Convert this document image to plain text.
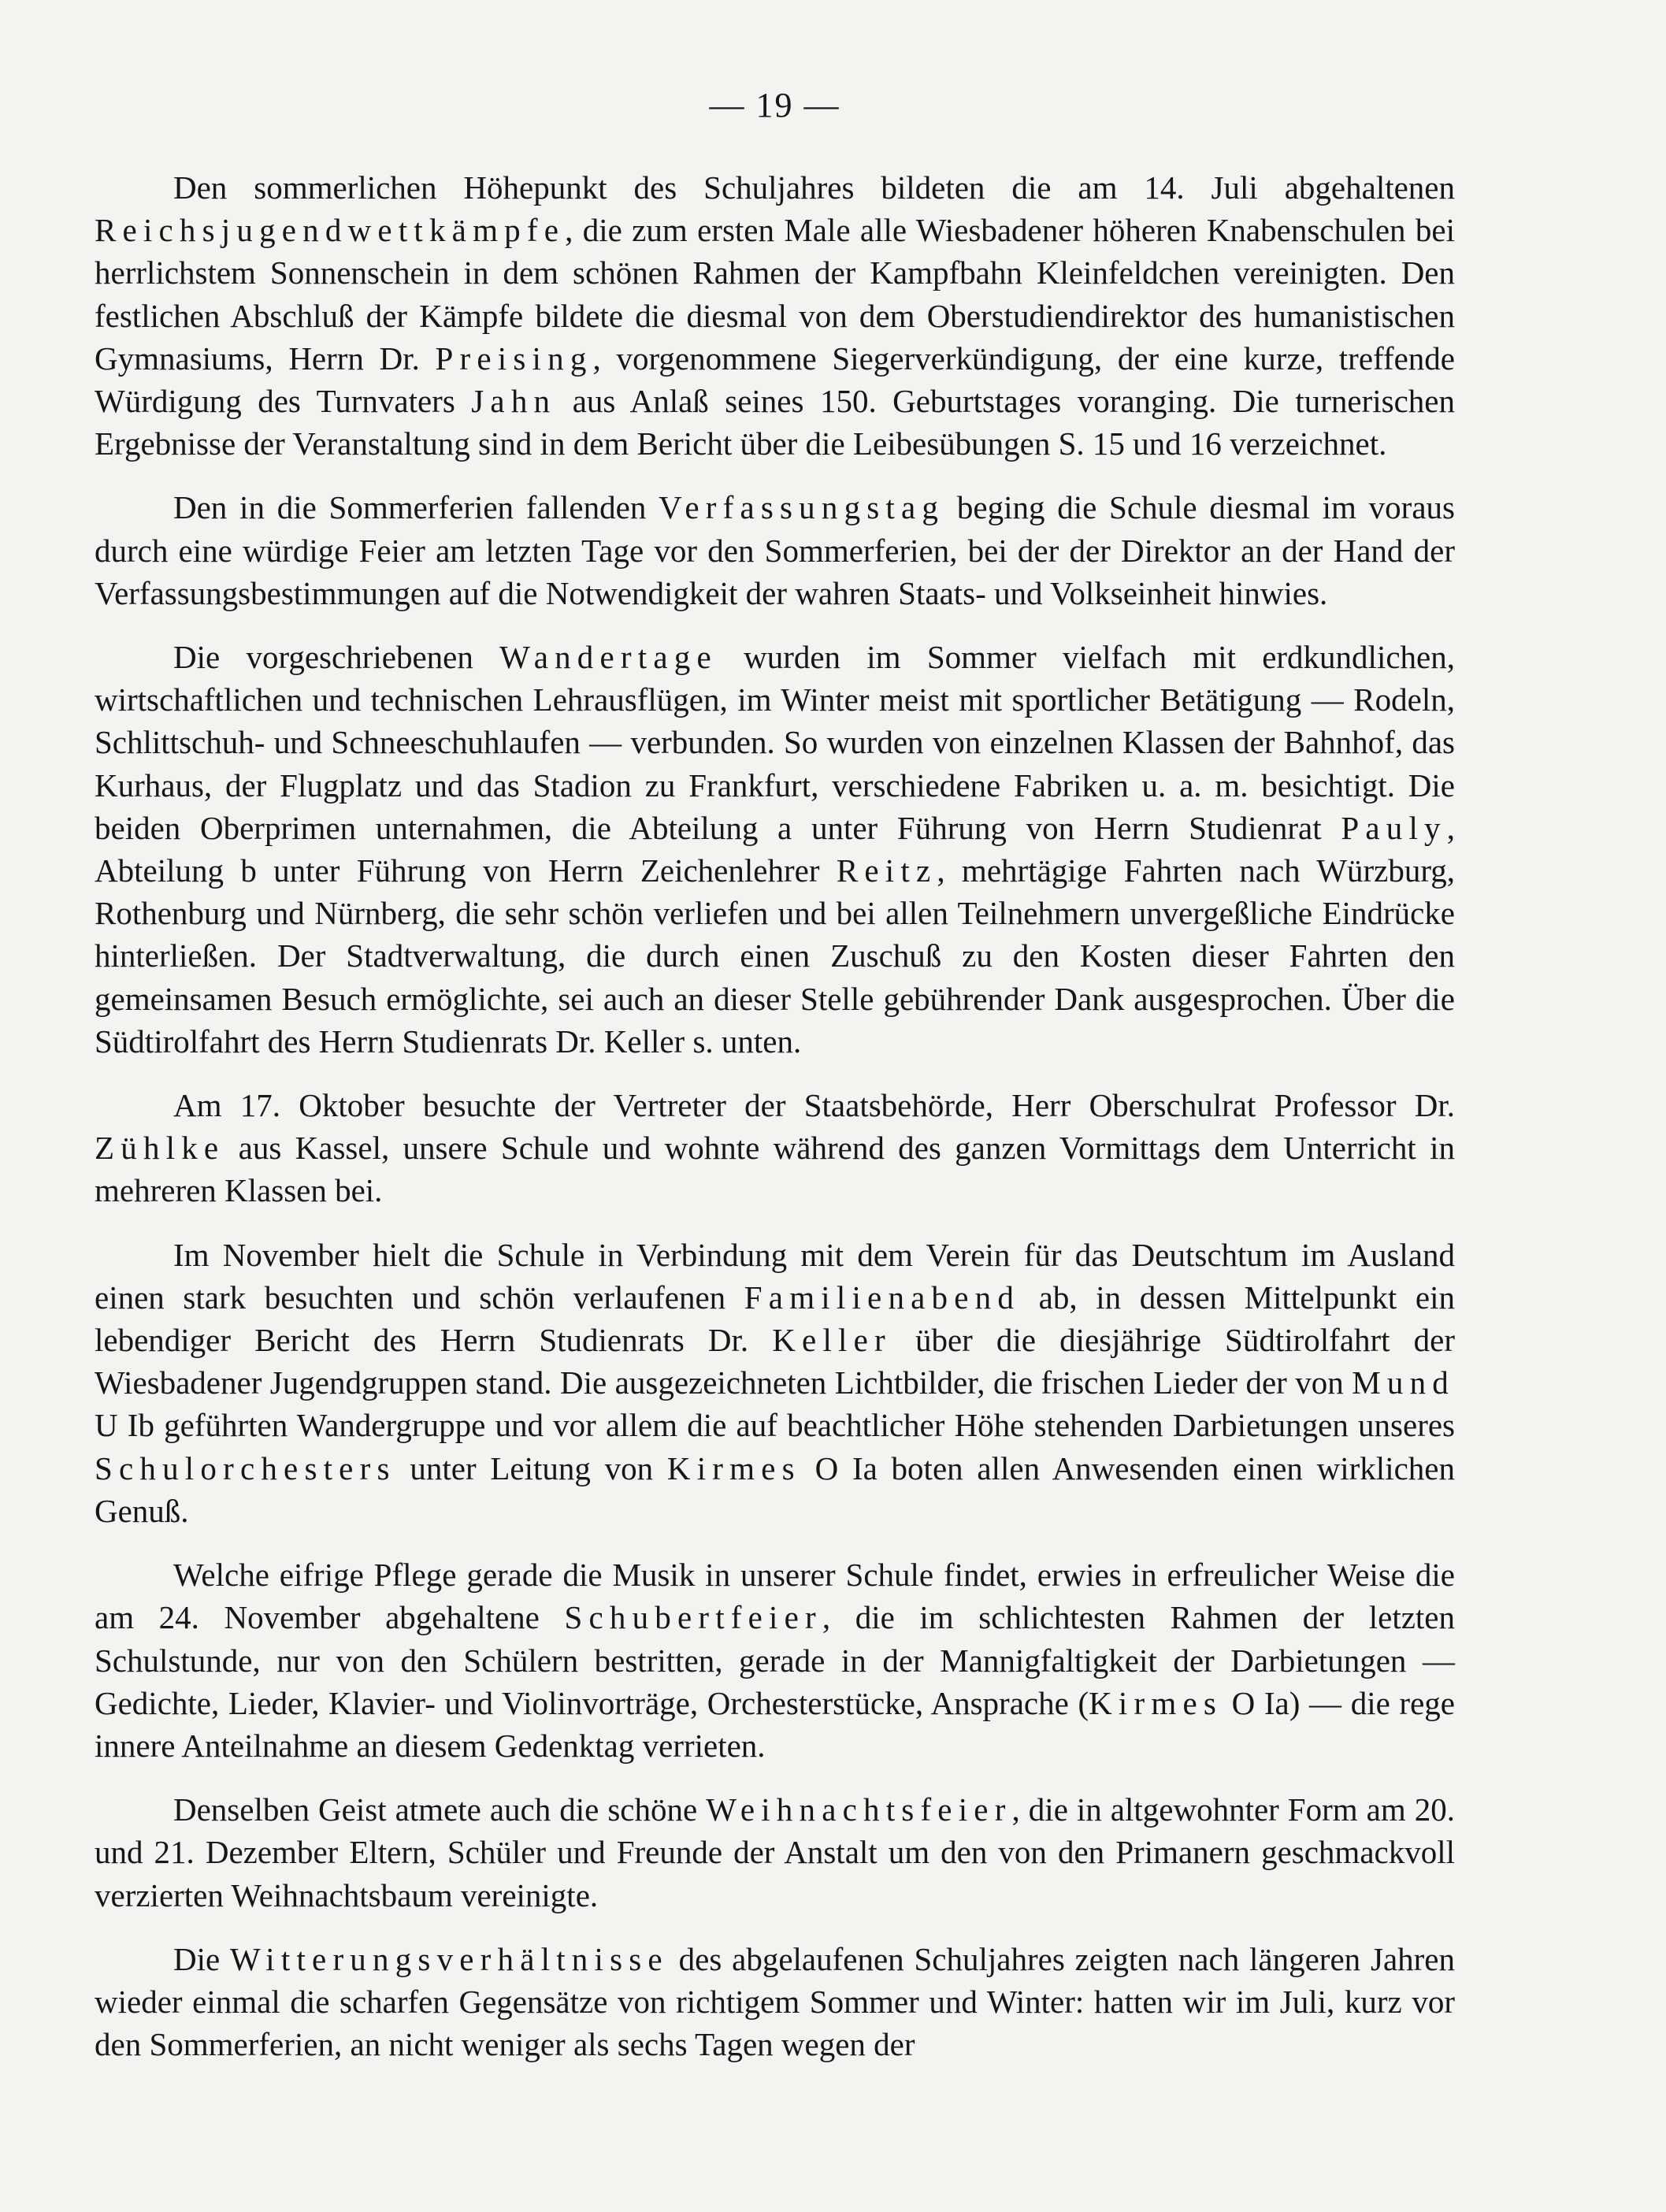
— 19 —

Den sommerlichen Höhepunkt des Schuljahres bildeten die am 14. Juli abgehaltenen Reichsjugendwettkämpfe, die zum ersten Male alle Wiesbadener höheren Knabenschulen bei herrlichstem Sonnenschein in dem schönen Rahmen der Kampfbahn Kleinfeldchen vereinigten. Den festlichen Abschluß der Kämpfe bildete die diesmal von dem Oberstudiendirektor des humanistischen Gymnasiums, Herrn Dr. Preising, vorgenommene Siegerverkündigung, der eine kurze, treffende Würdigung des Turnvaters Jahn aus Anlaß seines 150. Geburtstages voranging. Die turnerischen Ergebnisse der Veranstaltung sind in dem Bericht über die Leibesübungen S. 15 und 16 verzeichnet.

Den in die Sommerferien fallenden Verfassungstag beging die Schule diesmal im voraus durch eine würdige Feier am letzten Tage vor den Sommerferien, bei der der Direktor an der Hand der Verfassungsbestimmungen auf die Notwendigkeit der wahren Staats- und Volkseinheit hinwies.

Die vorgeschriebenen Wandertage wurden im Sommer vielfach mit erdkundlichen, wirtschaftlichen und technischen Lehrausflügen, im Winter meist mit sportlicher Betätigung — Rodeln, Schlittschuh- und Schneeschuhlaufen — verbunden. So wurden von einzelnen Klassen der Bahnhof, das Kurhaus, der Flugplatz und das Stadion zu Frankfurt, verschiedene Fabriken u. a. m. besichtigt. Die beiden Oberprimen unternahmen, die Abteilung a unter Führung von Herrn Studienrat Pauly, Abteilung b unter Führung von Herrn Zeichenlehrer Reitz, mehrtägige Fahrten nach Würzburg, Rothenburg und Nürnberg, die sehr schön verliefen und bei allen Teilnehmern unvergeßliche Eindrücke hinterließen. Der Stadtverwaltung, die durch einen Zuschuß zu den Kosten dieser Fahrten den gemeinsamen Besuch ermöglichte, sei auch an dieser Stelle gebührender Dank ausgesprochen. Über die Südtirolfahrt des Herrn Studienrats Dr. Keller s. unten.

Am 17. Oktober besuchte der Vertreter der Staatsbehörde, Herr Oberschulrat Professor Dr. Zühlke aus Kassel, unsere Schule und wohnte während des ganzen Vormittags dem Unterricht in mehreren Klassen bei.

Im November hielt die Schule in Verbindung mit dem Verein für das Deutschtum im Ausland einen stark besuchten und schön verlaufenen Familienabend ab, in dessen Mittelpunkt ein lebendiger Bericht des Herrn Studienrats Dr. Keller über die diesjährige Südtirolfahrt der Wiesbadener Jugendgruppen stand. Die ausgezeichneten Lichtbilder, die frischen Lieder der von Mund U Ib geführten Wandergruppe und vor allem die auf beachtlicher Höhe stehenden Darbietungen unseres Schulorchesters unter Leitung von Kirmes O Ia boten allen Anwesenden einen wirklichen Genuß.

Welche eifrige Pflege gerade die Musik in unserer Schule findet, erwies in erfreulicher Weise die am 24. November abgehaltene Schubertfeier, die im schlichtesten Rahmen der letzten Schulstunde, nur von den Schülern bestritten, gerade in der Mannigfaltigkeit der Darbietungen — Gedichte, Lieder, Klavier- und Violinvorträge, Orchesterstücke, Ansprache (Kirmes O Ia) — die rege innere Anteilnahme an diesem Gedenktag verrieten.

Denselben Geist atmete auch die schöne Weihnachtsfeier, die in altgewohnter Form am 20. und 21. Dezember Eltern, Schüler und Freunde der Anstalt um den von den Primanern geschmackvoll verzierten Weihnachtsbaum vereinigte.

Die Witterungsverhältnisse des abgelaufenen Schuljahres zeigten nach längeren Jahren wieder einmal die scharfen Gegensätze von richtigem Sommer und Winter: hatten wir im Juli, kurz vor den Sommerferien, an nicht weniger als sechs Tagen wegen der
